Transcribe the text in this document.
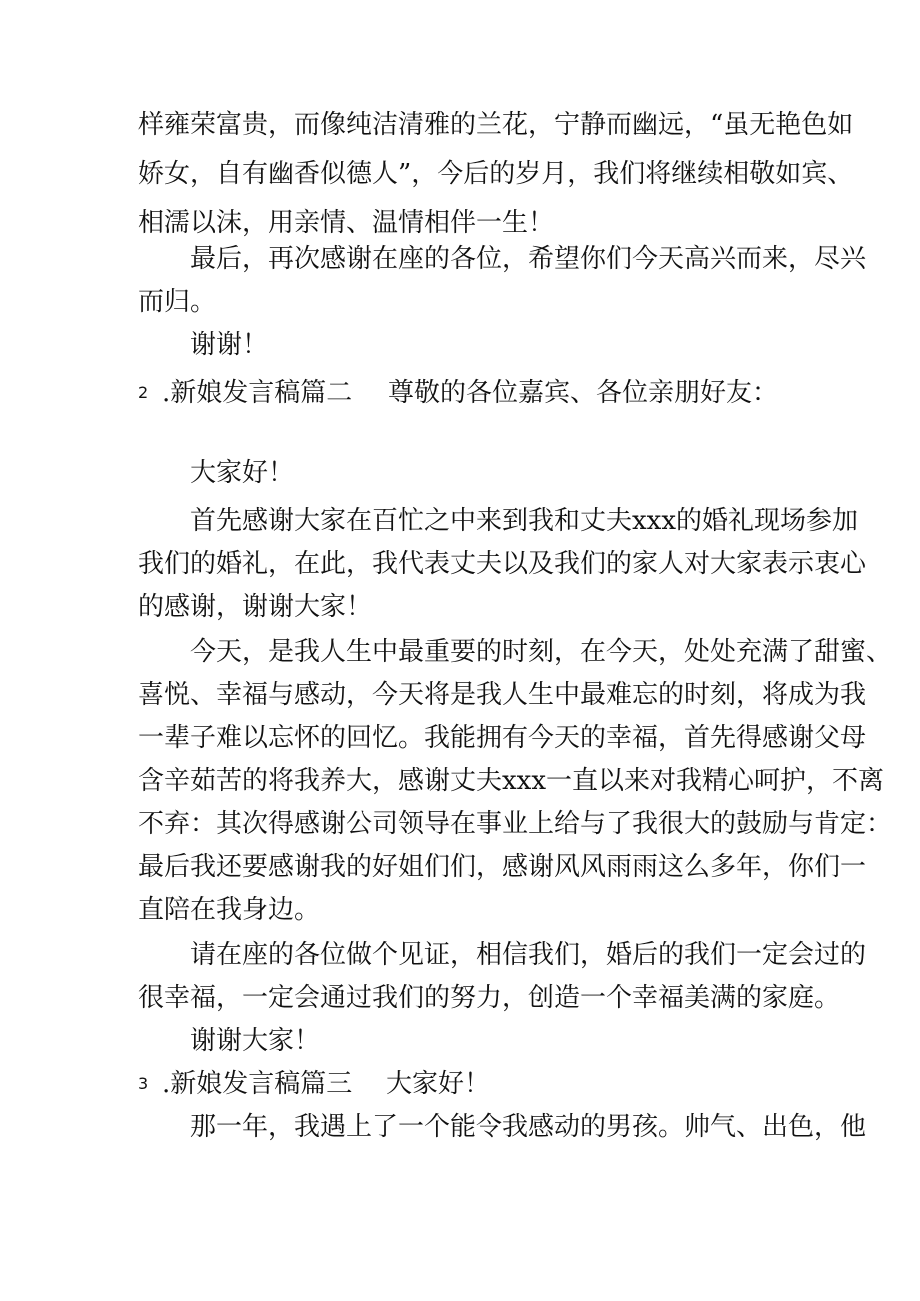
样雍荣富贵，而像纯洁清雅的兰花，宁静而幽远，“虽无艳色如
娇女，自有幽香似德人”，今后的岁月，我们将继续相敬如宾、
相濡以沫，用亲情、温情相伴一生！
最后，再次感谢在座的各位，希望你们今天高兴而来，尽兴
而归。
谢谢！
2 .新娘发言稿篇二 尊敬的各位嘉宾、各位亲朋好友：
大家好！
首先感谢大家在百忙之中来到我和丈夫xxx的婚礼现场参加
我们的婚礼，在此，我代表丈夫以及我们的家人对大家表示衷心
的感谢，谢谢大家！
今天，是我人生中最重要的时刻，在今天，处处充满了甜蜜、
喜悦、幸福与感动，今天将是我人生中最难忘的时刻，将成为我
一辈子难以忘怀的回忆。我能拥有今天的幸福，首先得感谢父母
含辛茹苦的将我养大，感谢丈夫xxx一直以来对我精心呵护，不离
不弃：其次得感谢公司领导在事业上给与了我很大的鼓励与肯定：
最后我还要感谢我的好姐们们，感谢风风雨雨这么多年，你们一
直陪在我身边。
请在座的各位做个见证，相信我们，婚后的我们一定会过的
很幸福，一定会通过我们的努力，创造一个幸福美满的家庭。
谢谢大家！
3 .新娘发言稿篇三 大家好！
那一年，我遇上了一个能令我感动的男孩。帅气、出色，他
